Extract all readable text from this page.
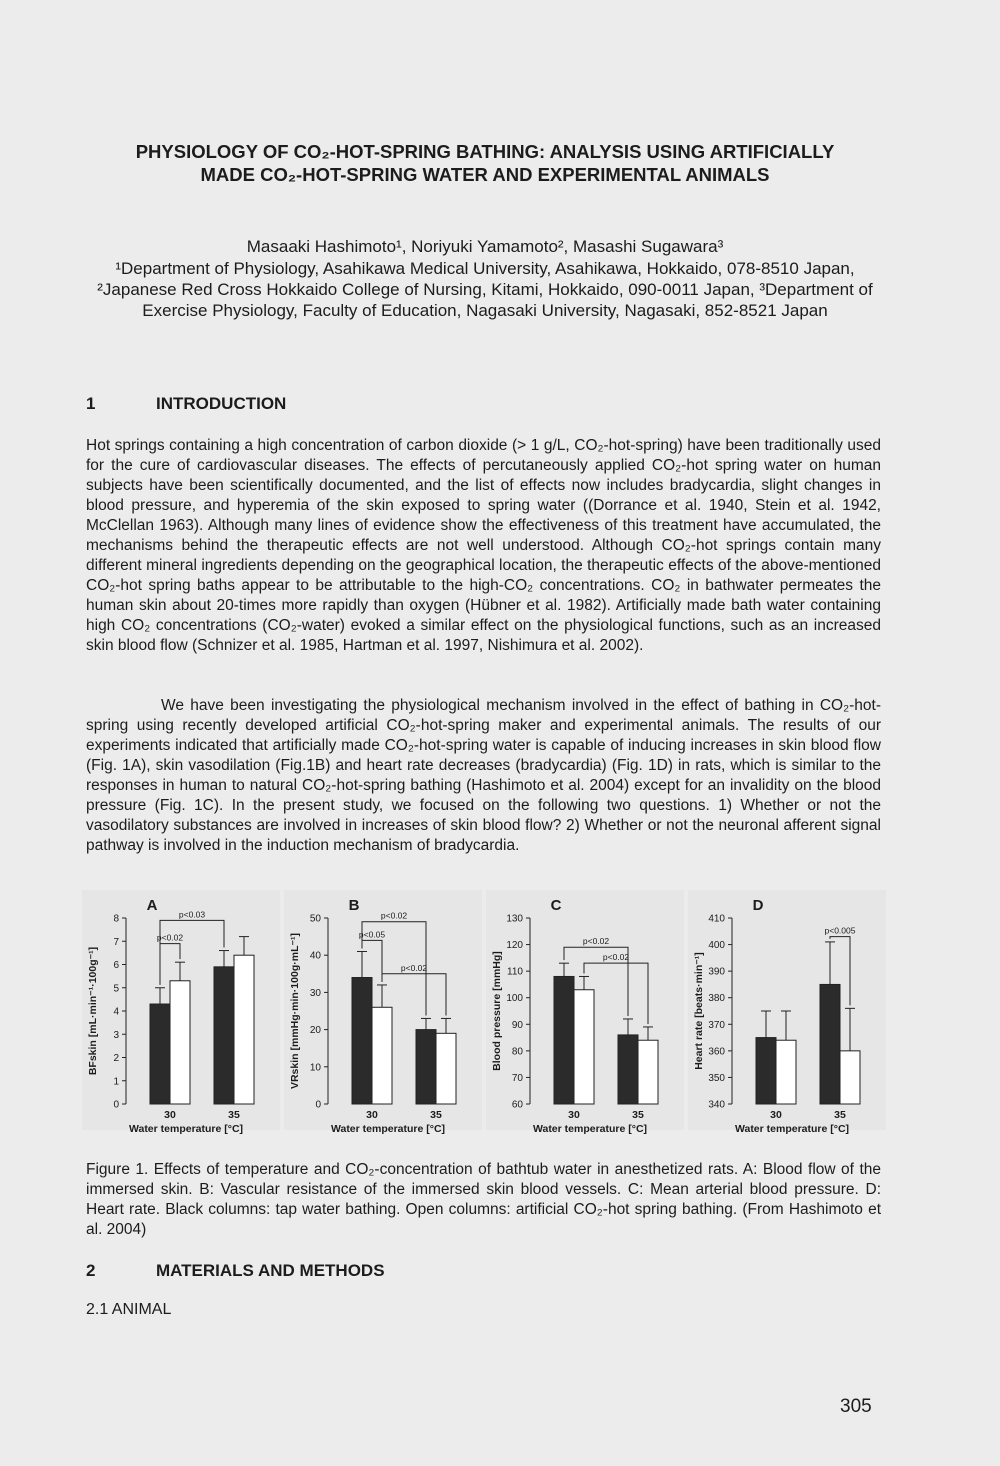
PHYSIOLOGY OF CO₂-HOT-SPRING BATHING: ANALYSIS USING ARTIFICIALLY MADE CO₂-HOT-SPRING WATER AND EXPERIMENTAL ANIMALS
Masaaki Hashimoto¹, Noriyuki Yamamoto², Masashi Sugawara³
¹Department of Physiology, Asahikawa Medical University, Asahikawa, Hokkaido, 078-8510 Japan, ²Japanese Red Cross Hokkaido College of Nursing, Kitami, Hokkaido, 090-0011 Japan, ³Department of Exercise Physiology, Faculty of Education, Nagasaki University, Nagasaki, 852-8521 Japan
1	INTRODUCTION

Hot springs containing a high concentration of carbon dioxide (> 1 g/L, CO₂-hot-spring) have been traditionally used for the cure of cardiovascular diseases. The effects of percutaneously applied CO₂-hot spring water on human subjects have been scientifically documented, and the list of effects now includes bradycardia, slight changes in blood pressure, and hyperemia of the skin exposed to spring water ((Dorrance et al. 1940, Stein et al. 1942, McClellan 1963). Although many lines of evidence show the effectiveness of this treatment have accumulated, the mechanisms behind the therapeutic effects are not well understood. Although CO₂-hot springs contain many different mineral ingredients depending on the geographical location, the therapeutic effects of the above-mentioned CO₂-hot spring baths appear to be attributable to the high-CO₂ concentrations. CO₂ in bathwater permeates the human skin about 20-times more rapidly than oxygen (Hübner et al. 1982). Artificially made bath water containing high CO₂ concentrations (CO₂-water) evoked a similar effect on the physiological functions, such as an increased skin blood flow (Schnizer et al. 1985, Hartman et al. 1997, Nishimura et al. 2002).

We have been investigating the physiological mechanism involved in the effect of bathing in CO₂-hot-spring using recently developed artificial CO₂-hot-spring maker and experimental animals. The results of our experiments indicated that artificially made CO₂-hot-spring water is capable of inducing increases in skin blood flow (Fig. 1A), skin vasodilation (Fig.1B) and heart rate decreases (bradycardia) (Fig. 1D) in rats, which is similar to the responses in human to natural CO₂-hot-spring bathing (Hashimoto et al. 2004) except for an invalidity on the blood pressure (Fig. 1C). In the present study, we focused on the following two questions. 1) Whether or not the vasodilatory substances are involved in increases of skin blood flow? 2) Whether or not the neuronal afferent signal pathway is involved in the induction mechanism of bradycardia.

A
0
1
2
3
4
5
6
7
8
BFskin [mL·min⁻¹·100g⁻¹]
30	35
Water temperature [°C]
p<0.02
p<0.03
B
0
10
20
30
40
50
VRskin [mmHg·min·100g·mL⁻¹]
30	35
Water temperature [°C]
p<0.05
p<0.02
p<0.02
C
60
70
80
90
100
110
120
130
Blood pressure [mmHg]
30	35
Water temperature [°C]
p<0.02
p<0.02
D
340
350
360
370
380
390
400
410
Heart rate [beats·min⁻¹]
30	35
Water temperature [°C]
p<0.005

Figure 1. Effects of temperature and CO₂-concentration of bathtub water in anesthetized rats. A: Blood flow of the immersed skin. B: Vascular resistance of the immersed skin blood vessels. C: Mean arterial blood pressure. D: Heart rate. Black columns: tap water bathing. Open columns: artificial CO₂-hot spring bathing. (From Hashimoto et al. 2004)

2	MATERIALS AND METHODS
2.1 ANIMAL
305
